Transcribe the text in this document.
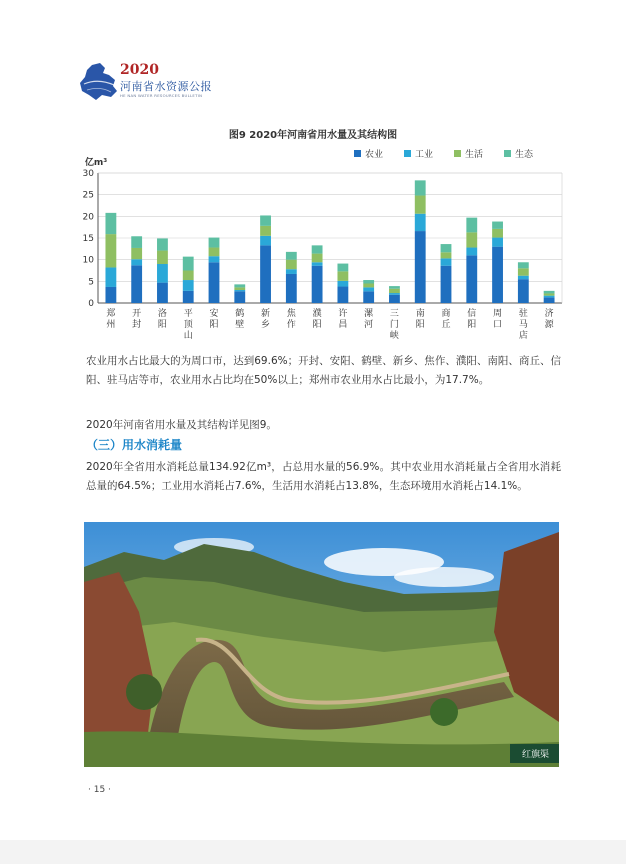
2020
河南省水资源公报
HE NAN WATER RESOURCES BULLETIN
图9 2020年河南省用水量及其结构图
0
5
10
15
20
25
30
亿m³
农业	工业	生活	生态
郑
州
开
封
洛
阳
平
顶
山
安
阳
鹤
壁
新
乡
焦
作
濮
阳
许
昌
漯
河
三
门
峡
南
阳
商
丘
信
阳
周
口
驻
马
店
济
源
农业用水占比最大的为周口市，达到69.6%；开封、安阳、鹤壁、新乡、焦作、濮阳、南阳、商丘、信阳、驻马店等市，农业用水占比均在50%以上；郑州市农业用水占比最小，为17.7%。
2020年河南省用水量及其结构详见图9。
（三）用水消耗量
2020年全省用水消耗总量134.92亿m³，占总用水量的56.9%。其中农业用水消耗量占全省用水消耗总量的64.5%；工业用水消耗占7.6%，生活用水消耗占13.8%，生态环境用水消耗占14.1%。
红旗渠
· 15 ·
